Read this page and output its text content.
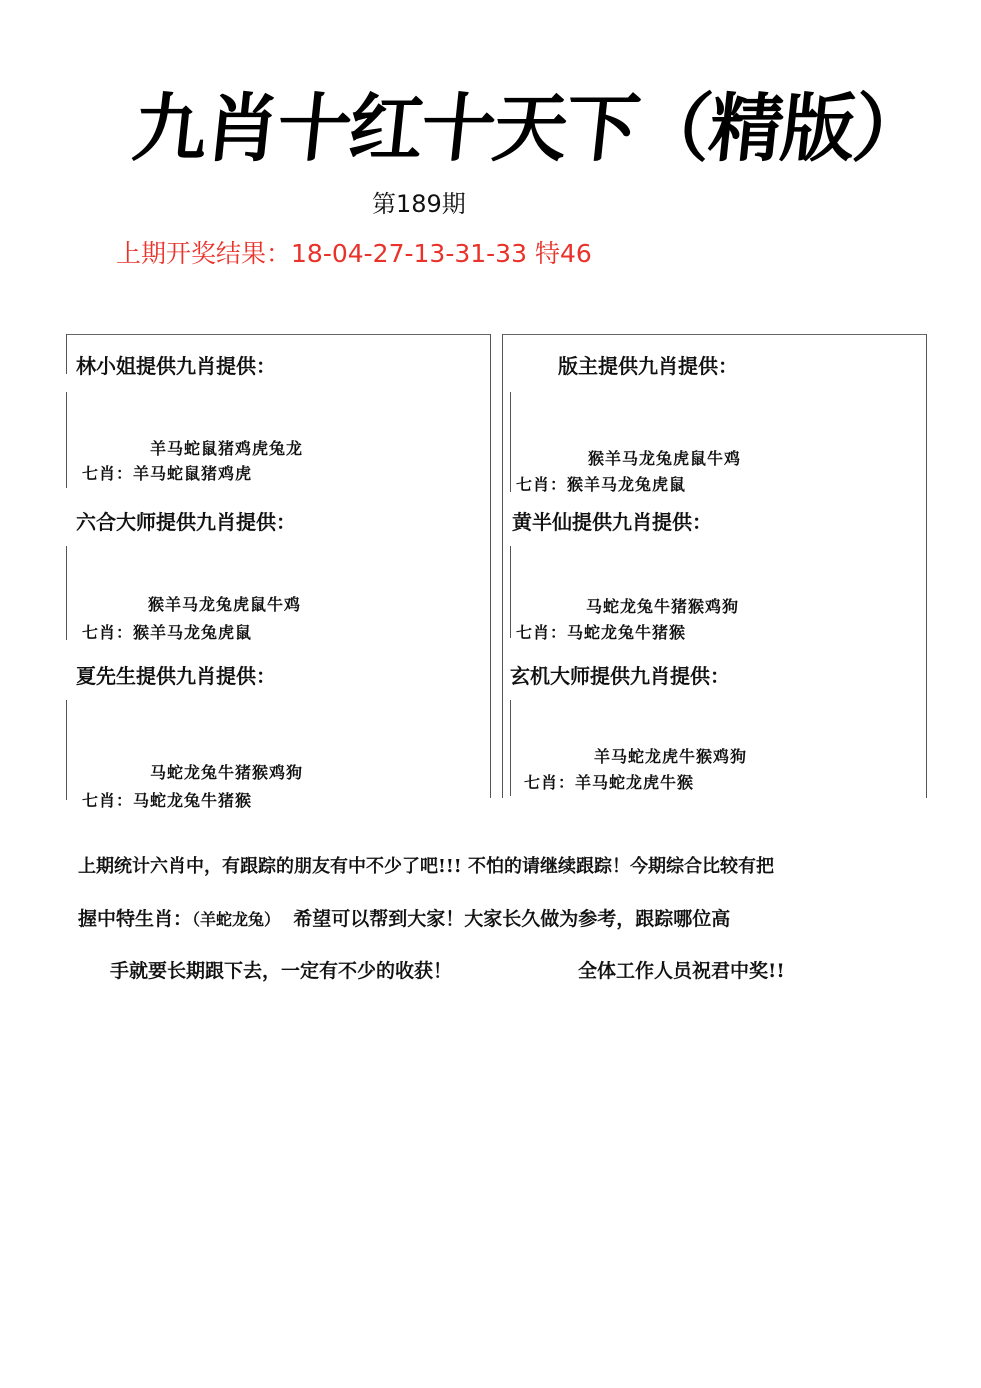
九肖十红十天下（精版）
第189期
上期开奖结果：18-04-27-13-31-33 特46
林小姐提供九肖提供：
羊马蛇鼠猪鸡虎兔龙
七肖：羊马蛇鼠猪鸡虎
六合大师提供九肖提供：
猴羊马龙兔虎鼠牛鸡
七肖：猴羊马龙兔虎鼠
夏先生提供九肖提供：
马蛇龙兔牛猪猴鸡狗
七肖：马蛇龙兔牛猪猴
版主提供九肖提供：
猴羊马龙兔虎鼠牛鸡
七肖：猴羊马龙兔虎鼠
黄半仙提供九肖提供：
马蛇龙兔牛猪猴鸡狗
七肖：马蛇龙兔牛猪猴
玄机大师提供九肖提供：
羊马蛇龙虎牛猴鸡狗
七肖：羊马蛇龙虎牛猴
上期统计六肖中，有跟踪的朋友有中不少了吧!!! 不怕的请继续跟踪！今期综合比较有把
握中特生肖：（羊蛇龙兔） 希望可以帮到大家！大家长久做为参考，跟踪哪位高
手就要长期跟下去，一定有不少的收获！	全体工作人员祝君中奖!!
